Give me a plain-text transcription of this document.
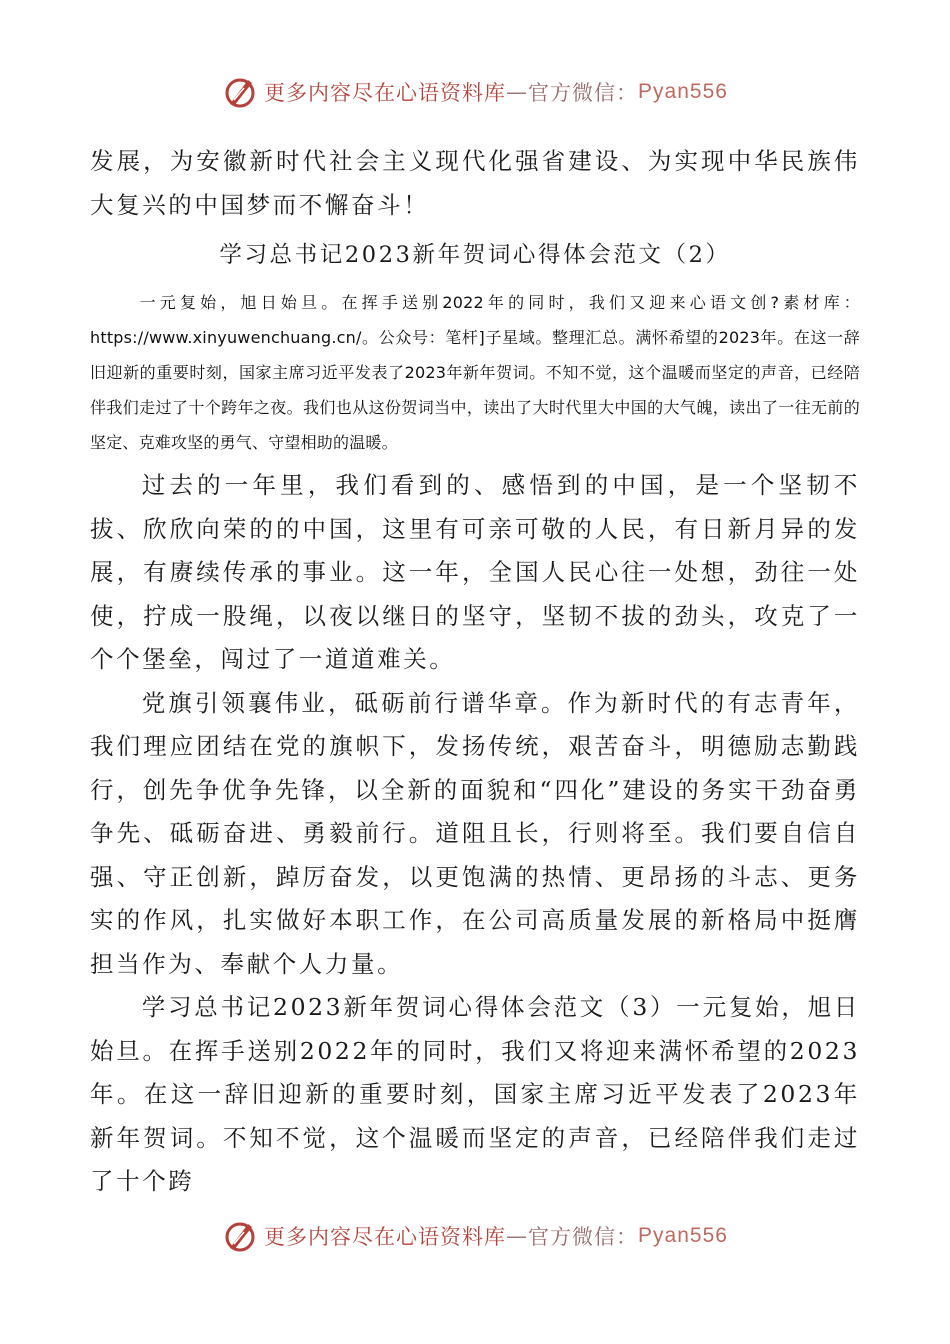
更多内容尽在心语资料库 — 官方微信： Pyan556

发展，为安徽新时代社会主义现代化强省建设、为实现中华民族伟大复兴的中国梦而不懈奋斗！

学习总书记2023新年贺词心得体会范文（2）

一元复始，旭日始旦。在挥手送别2022年的同时，我们又迎来心语文创?素材库：https://www.xinyuwenchuang.cn/。公众号：笔杆]子星域。整理汇总。满怀希望的2023年。在这一辞旧迎新的重要时刻，国家主席习近平发表了2023年新年贺词。不知不觉，这个温暖而坚定的声音，已经陪伴我们走过了十个跨年之夜。我们也从这份贺词当中，读出了大时代里大中国的大气魄，读出了一往无前的坚定、克难攻坚的勇气、守望相助的温暖。

过去的一年里，我们看到的、感悟到的中国，是一个坚韧不拔、欣欣向荣的的中国，这里有可亲可敬的人民，有日新月异的发展，有赓续传承的事业。这一年，全国人民心往一处想，劲往一处使，拧成一股绳，以夜以继日的坚守，坚韧不拔的劲头，攻克了一个个堡垒，闯过了一道道难关。

党旗引领襄伟业，砥砺前行谱华章。作为新时代的有志青年，我们理应团结在党的旗帜下，发扬传统，艰苦奋斗，明德励志勤践行，创先争优争先锋，以全新的面貌和“四化”建设的务实干劲奋勇争先、砥砺奋进、勇毅前行。道阻且长，行则将至。我们要自信自强、守正创新，踔厉奋发，以更饱满的热情、更昂扬的斗志、更务实的作风，扎实做好本职工作，在公司高质量发展的新格局中挺膺担当作为、奉献个人力量。

学习总书记2023新年贺词心得体会范文（3）一元复始，旭日始旦。在挥手送别2022年的同时，我们又将迎来满怀希望的2023年。在这一辞旧迎新的重要时刻，国家主席习近平发表了2023年新年贺词。不知不觉，这个温暖而坚定的声音，已经陪伴我们走过了十个跨

更多内容尽在心语资料库 — 官方微信： Pyan556
